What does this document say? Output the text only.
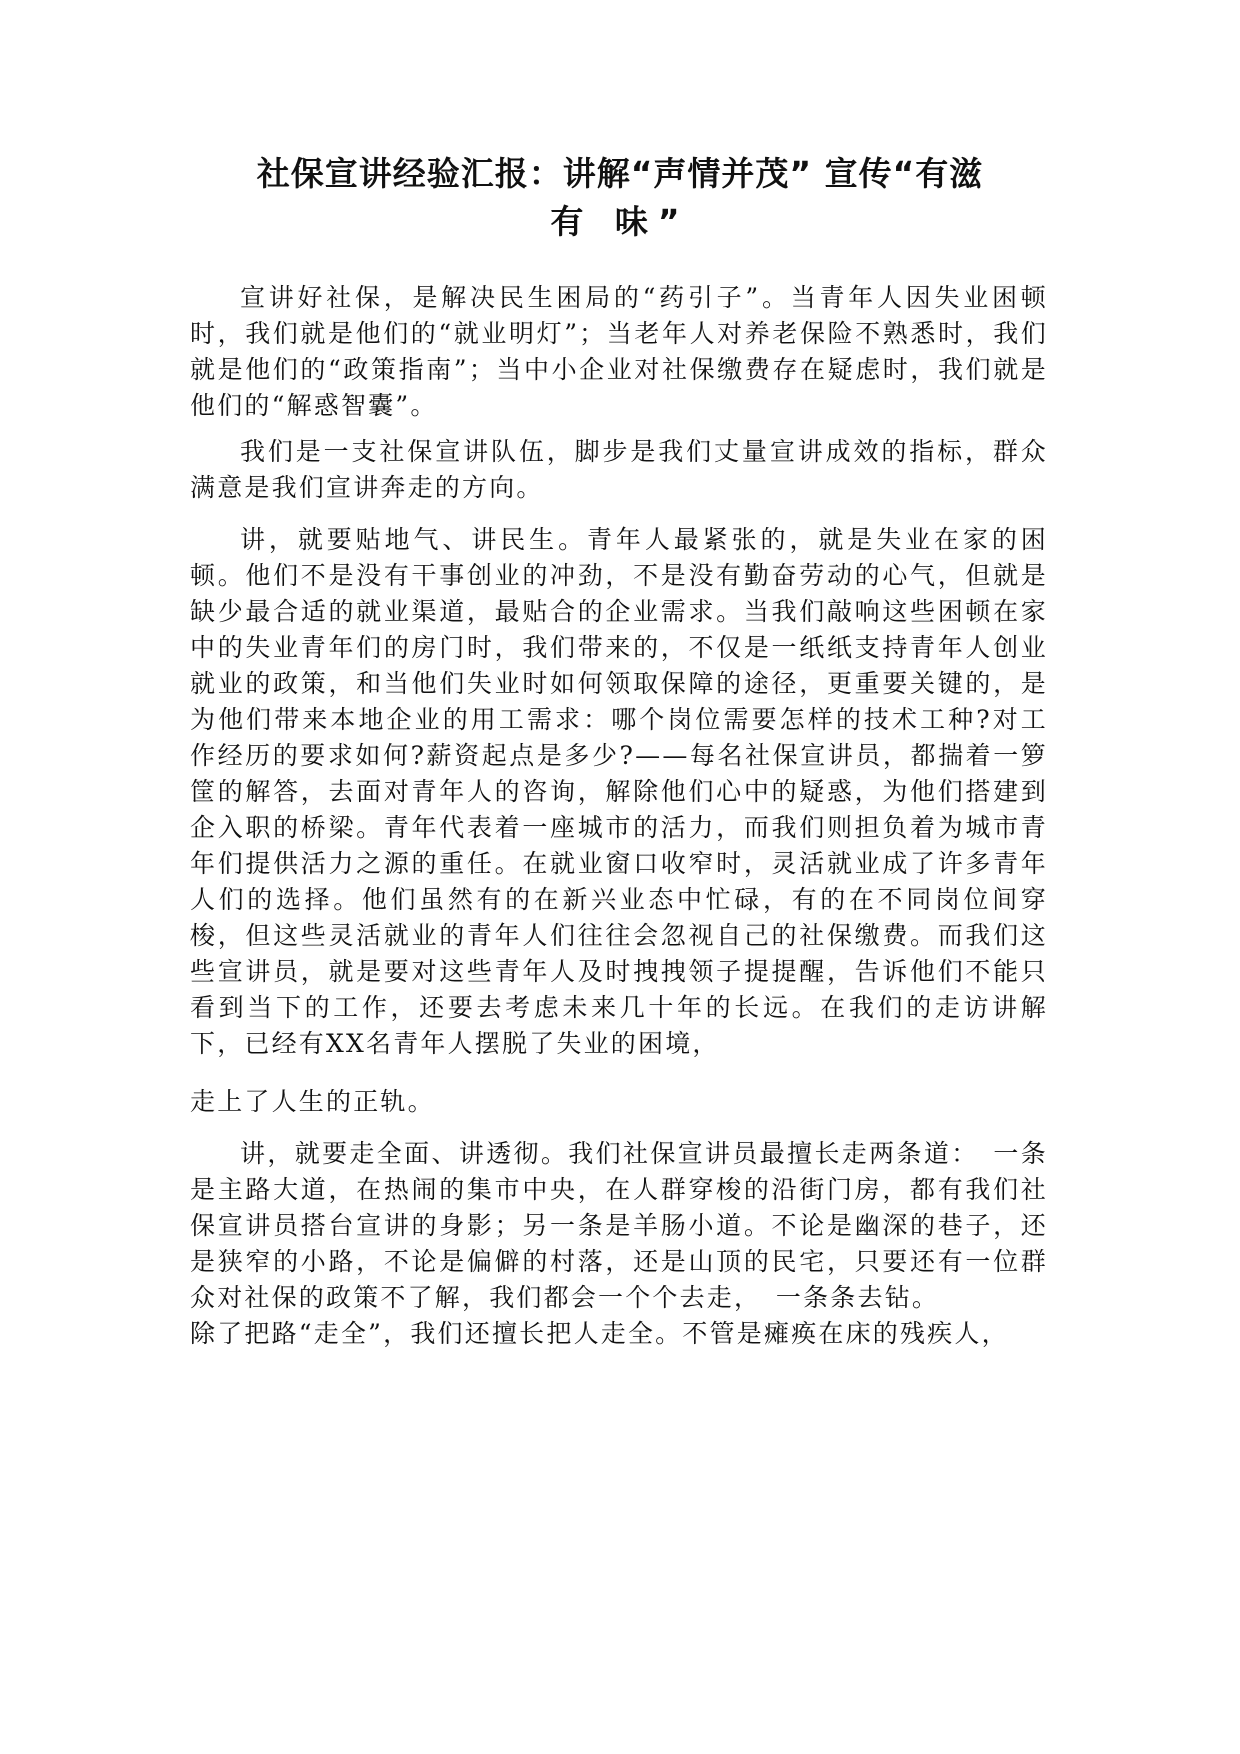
社保宣讲经验汇报：讲解“声情并茂” 宣传“有滋
有 味”

宣讲好社保，是解决民生困局的“药引子”。当青年人因失业困顿时，我们就是他们的“就业明灯”；当老年人对养老保险不熟悉时，我们就是他们的“政策指南”；当中小企业对社保缴费存在疑虑时，我们就是他们的“解惑智囊”。

我们是一支社保宣讲队伍，脚步是我们丈量宣讲成效的指标，群众满意是我们宣讲奔走的方向。

讲，就要贴地气、讲民生。青年人最紧张的，就是失业在家的困顿。他们不是没有干事创业的冲劲，不是没有勤奋劳动的心气，但就是缺少最合适的就业渠道，最贴合的企业需求。当我们敲响这些困顿在家中的失业青年们的房门时，我们带来的，不仅是一纸纸支持青年人创业就业的政策，和当他们失业时如何领取保障的途径，更重要关键的，是为他们带来本地企业的用工需求：哪个岗位需要怎样的技术工种?对工作经历的要求如何?薪资起点是多少?——每名社保宣讲员，都揣着一箩筐的解答，去面对青年人的咨询，解除他们心中的疑惑，为他们搭建到企入职的桥梁。青年代表着一座城市的活力，而我们则担负着为城市青年们提供活力之源的重任。在就业窗口收窄时，灵活就业成了许多青年人们的选择。他们虽然有的在新兴业态中忙碌，有的在不同岗位间穿梭，但这些灵活就业的青年人们往往会忽视自己的社保缴费。而我们这些宣讲员，就是要对这些青年人及时拽拽领子提提醒，告诉他们不能只看到当下的工作，还要去考虑未来几十年的长远。在我们的走访讲解下，已经有XX名青年人摆脱了失业的困境，

走上了人生的正轨。

讲，就要走全面、讲透彻。我们社保宣讲员最擅长走两条道：　一条是主路大道，在热闹的集市中央，在人群穿梭的沿街门房，都有我们社保宣讲员搭台宣讲的身影；另一条是羊肠小道。不论是幽深的巷子，还是狭窄的小路，不论是偏僻的村落，还是山顶的民宅，只要还有一位群众对社保的政策不了解，我们都会一个个去走，　一条条去钻。

除了把路“走全”，我们还擅长把人走全。不管是瘫痪在床的残疾人，
